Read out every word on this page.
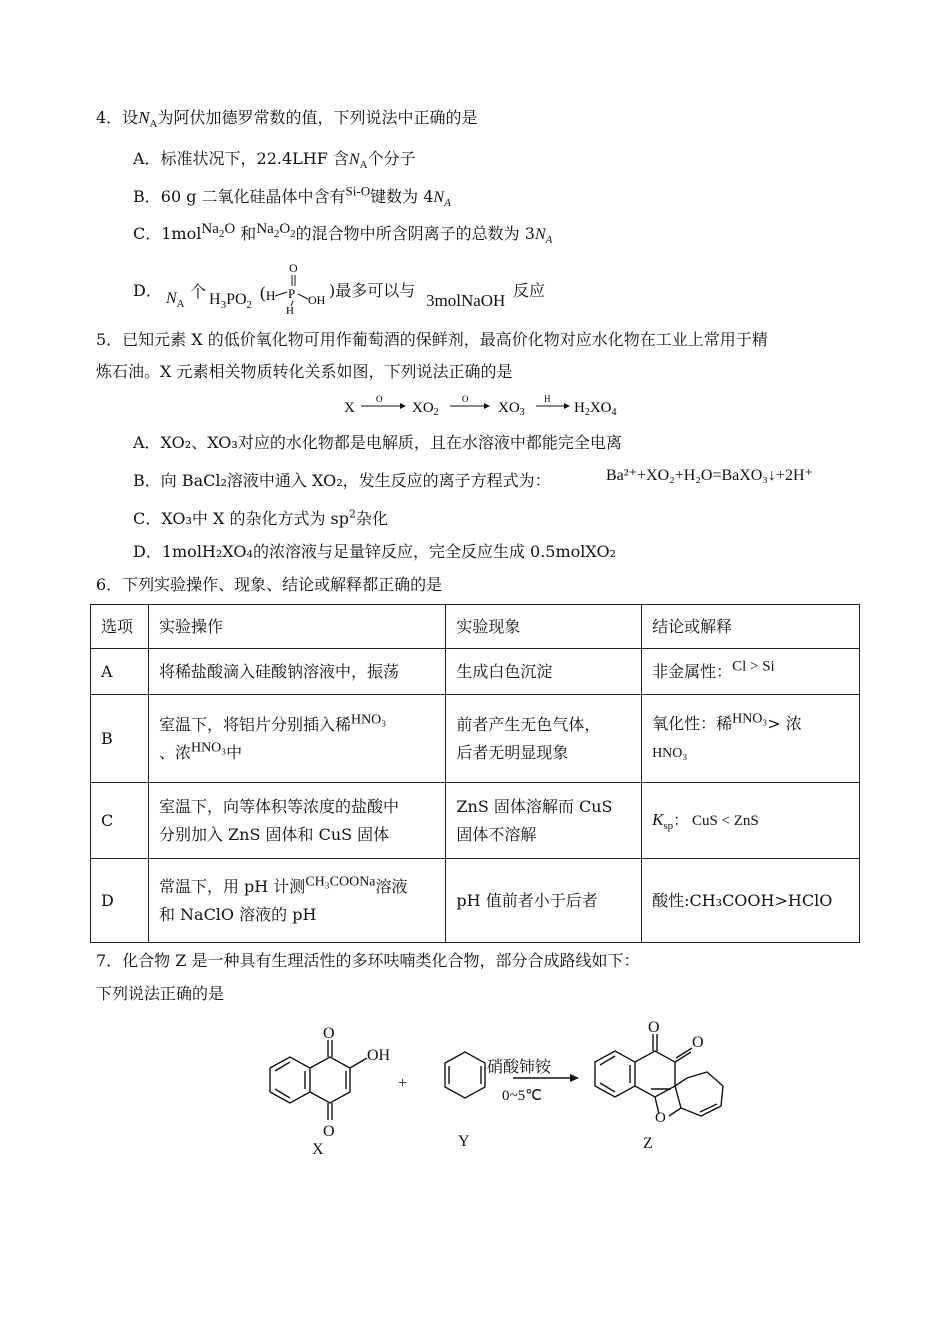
4．设$N_A$为阿伏加德罗常数的值，下列说法中正确的是
A．标准状况下，22.4LHF 含$N_A$个分子
B．60 g 二氧化硅晶体中含有$^{Si-O}$键数为 $4N_A$
C．1mol$^{Na_2O}$ 和$^{Na_2O_2}$的混合物中所含阴离子的总数为 $3N_A$
D． $N_A$
个 $H_3PO_2$
( H P
O
H
OH )最多可以与
3molNaOH
反应
5．已知元素 X 的低价氧化物可用作葡萄酒的保鲜剂，最高价化物对应水化物在工业上常用于精
炼石油。X 元素相关物质转化关系如图，下列说法正确的是
X
O
$XO_2$
O
$XO_3$
H
$H_2XO_4$
A．XO₂、XO₃对应的水化物都是电解质，且在水溶液中都能完全电离
B．向 BaCl₂溶液中通入 XO₂，发生反应的离子方程式为：	Ba²⁺+XO₂+H₂O=BaXO₃↓+2H⁺
C．XO₃中 X 的杂化方式为 $sp^2$杂化
D．1molH₂XO₄的浓溶液与足量锌反应，完全反应生成 0.5molXO₂
6．下列实验操作、现象、结论或解释都正确的是
选项	实验操作	实验现象	结论或解释
A	将稀盐酸滴入硅酸钠溶液中，振荡	生成白色沉淀	非金属性：$^{Cl > Si}$
B	室温下，将铝片分别插入稀$^{HNO_3}$
、浓$^{HNO_3}$中	前者产生无色气体，
后者无明显现象	氧化性：稀$^{HNO_3}$> 浓
HNO₃
C	室温下，向等体积等浓度的盐酸中
分别加入 ZnS 固体和 CuS 固体	ZnS 固体溶解而 CuS
固体不溶解	$K_{sp}$： CuS < ZnS
D	常温下，用 pH 计测$^{CH_3COONa}$溶液
和 NaClO 溶液的 pH	pH 值前者小于后者	酸性:CH₃COOH>HClO
7．化合物 Z 是一种具有生理活性的多环呋喃类化合物，部分合成路线如下：
下列说法正确的是
O
O
OH
X
+
Y
O
O
O
Z
硝酸铈铵
0~5℃
